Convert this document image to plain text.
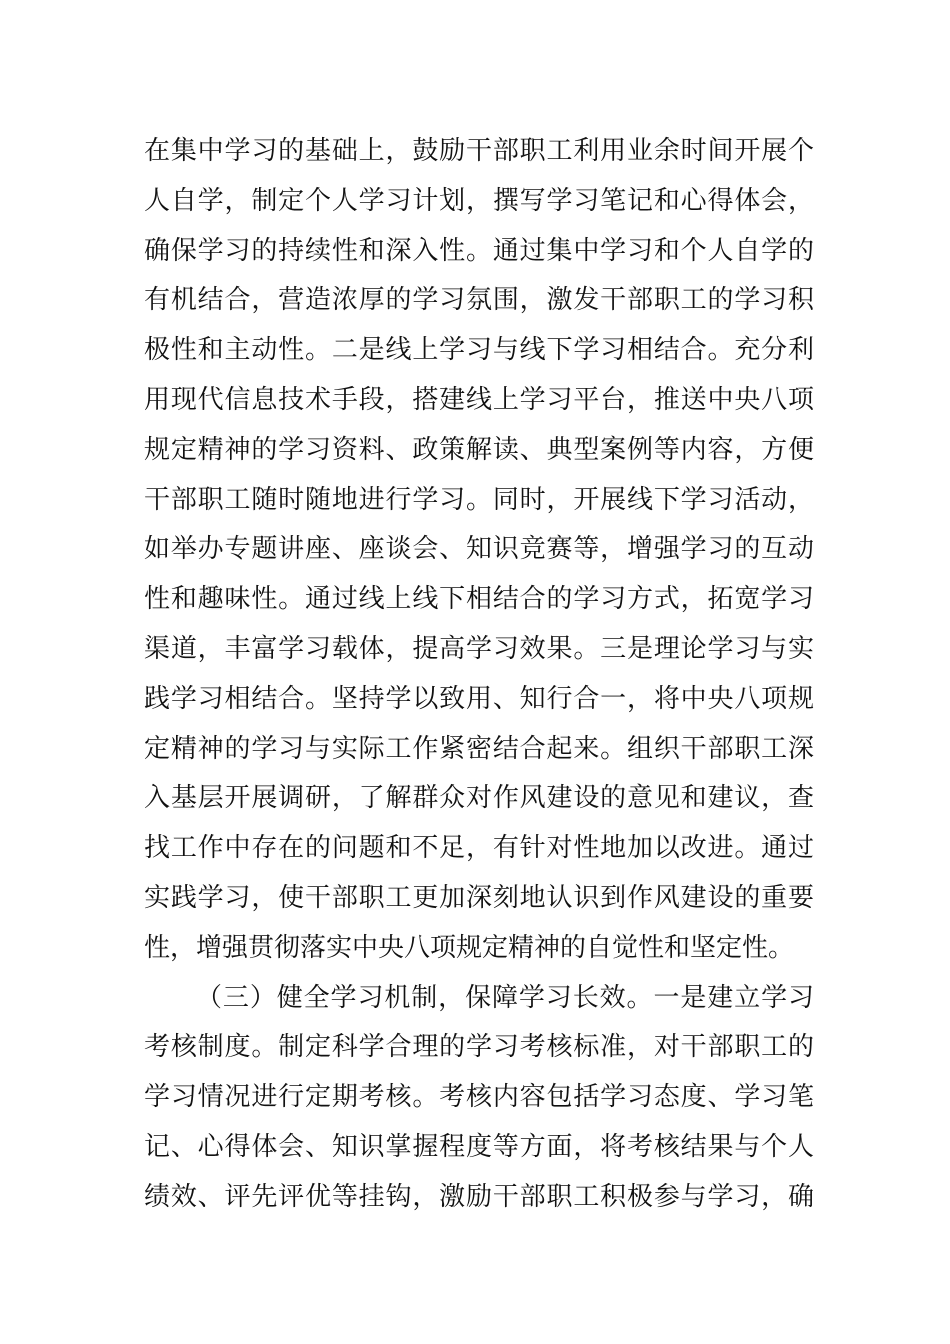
在集中学习的基础上，鼓励干部职工利用业余时间开展个
人自学，制定个人学习计划，撰写学习笔记和心得体会，
确保学习的持续性和深入性。通过集中学习和个人自学的
有机结合，营造浓厚的学习氛围，激发干部职工的学习积
极性和主动性。二是线上学习与线下学习相结合。充分利
用现代信息技术手段，搭建线上学习平台，推送中央八项
规定精神的学习资料、政策解读、典型案例等内容，方便
干部职工随时随地进行学习。同时，开展线下学习活动，
如举办专题讲座、座谈会、知识竞赛等，增强学习的互动
性和趣味性。通过线上线下相结合的学习方式，拓宽学习
渠道，丰富学习载体，提高学习效果。三是理论学习与实
践学习相结合。坚持学以致用、知行合一，将中央八项规
定精神的学习与实际工作紧密结合起来。组织干部职工深
入基层开展调研，了解群众对作风建设的意见和建议，查
找工作中存在的问题和不足，有针对性地加以改进。通过
实践学习，使干部职工更加深刻地认识到作风建设的重要
性，增强贯彻落实中央八项规定精神的自觉性和坚定性。
（三）健全学习机制，保障学习长效。一是建立学习
考核制度。制定科学合理的学习考核标准，对干部职工的
学习情况进行定期考核。考核内容包括学习态度、学习笔
记、心得体会、知识掌握程度等方面，将考核结果与个人
绩效、评先评优等挂钩，激励干部职工积极参与学习，确
